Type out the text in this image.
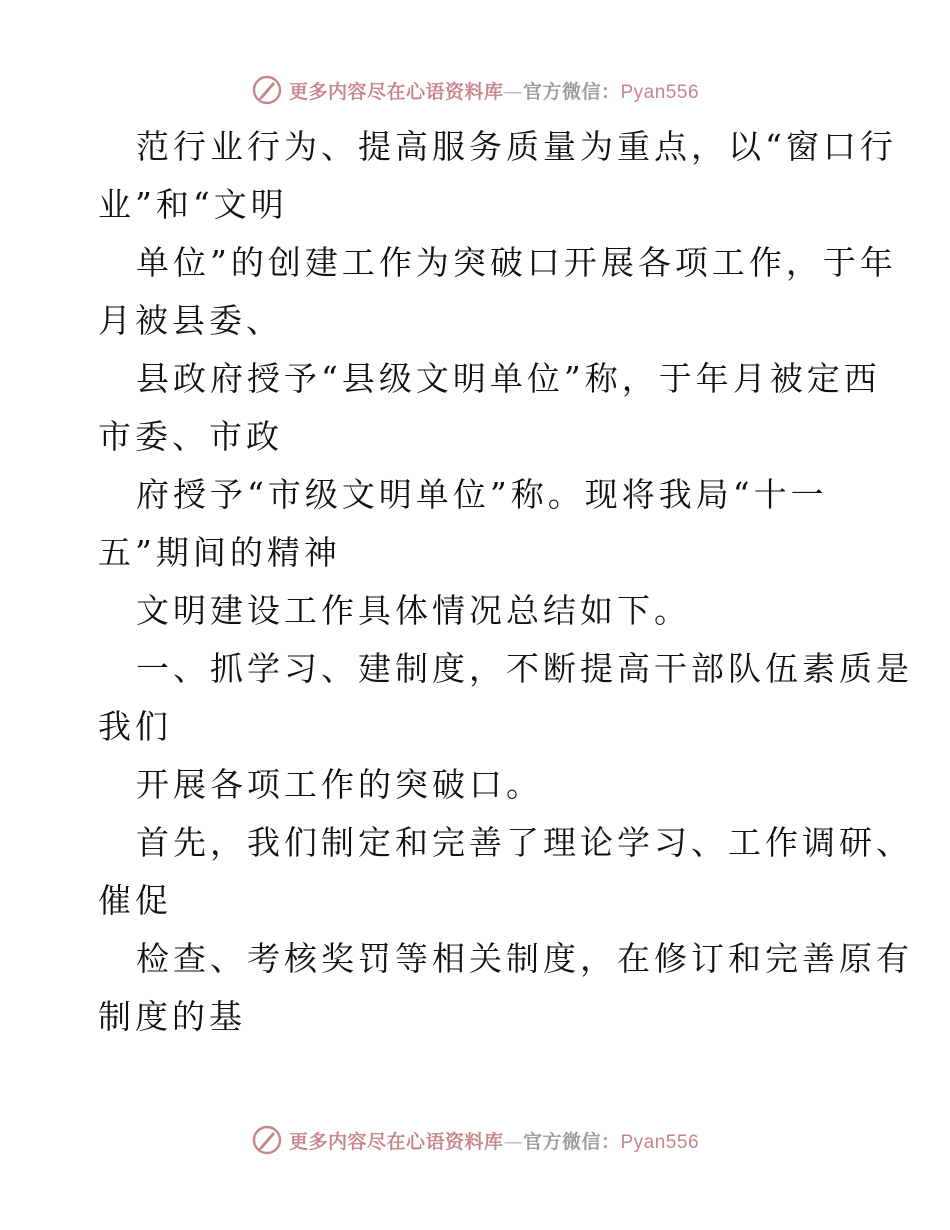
更多内容尽在心语资料库—官方微信：Pyan556
范行业行为、提高服务质量为重点，以“窗口行
业”和“文明
单位”的创建工作为突破口开展各项工作，于年
月被县委、
县政府授予“县级文明单位”称，于年月被定西
市委、市政
府授予“市级文明单位”称。现将我局“十一
五”期间的精神
文明建设工作具体情况总结如下。
一、抓学习、建制度，不断提高干部队伍素质是
我们
开展各项工作的突破口。
首先，我们制定和完善了理论学习、工作调研、
催促
检查、考核奖罚等相关制度，在修订和完善原有
制度的基
更多内容尽在心语资料库—官方微信：Pyan556
